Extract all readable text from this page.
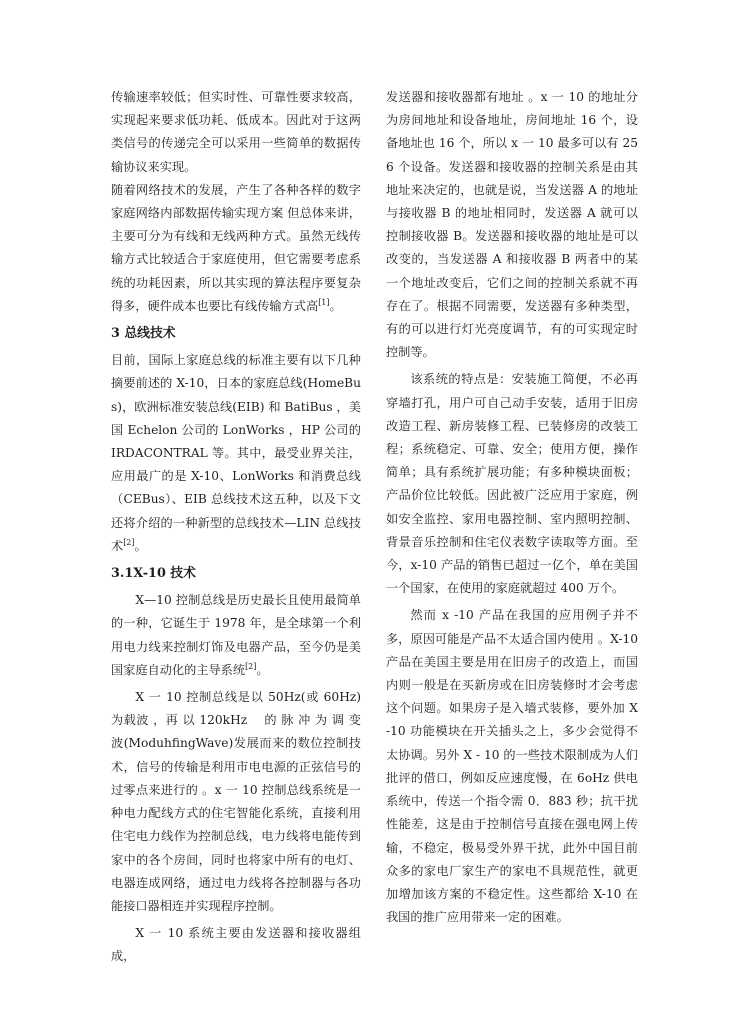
传输速率较低；但实时性、可靠性要求较高，实现起来要求低功耗、低成本。因此对于这两类信号的传递完全可以采用一些简单的数据传输协议来实现。

随着网络技术的发展，产生了各种各样的数字家庭网络内部数据传输实现方案 但总体来讲，主要可分为有线和无线两种方式。虽然无线传输方式比较适合于家庭使用，但它需要考虑系统的功耗因素，所以其实现的算法程序要复杂得多，硬件成本也要比有线传输方式高[1]。

3 总线技术

目前，国际上家庭总线的标准主要有以下几种摘要前述的 X-10，日本的家庭总线(HomeBus)，欧洲标准安装总线(EIB) 和 BatiBus ，美国 Echelon 公司的 LonWorks ，HP 公司的 IRDACONTRAL 等。其中，最受业界关注，应用最广的是 X-10、LonWorks 和消费总线（CEBus）、EIB 总线技术这五种，以及下文还将介绍的一种新型的总线技术—LIN 总线技术[2]。

3.1X-10 技术

X—10 控制总线是历史最长且使用最简单的一种，它诞生于 1978 年，是全球第一个利用电力线来控制灯饰及电器产品，至今仍是美国家庭自动化的主导系统[2]。

X 一 10 控制总线是以 50Hz(或 60Hz)为载波 ，再 以 120kHz　 的 脉 冲 为 调 变 波(ModuhfingWave)发展而来的数位控制技术，信号的传输是利用市电电源的正弦信号的过零点来进行的 。x 一 10 控制总线系统是一种电力配线方式的住宅智能化系统，直接利用住宅电力线作为控制总线，电力线将电能传到家中的各个房间，同时也将家中所有的电灯、电器连成网络，通过电力线将各控制器与各功能接口器相连并实现程序控制。

X 一 10 系统主要由发送器和接收器组成，

发送器和接收器都有地址 。x 一 10 的地址分为房间地址和设备地址，房间地址 16 个，设备地址也 16 个，所以 x 一 10 最多可以有 256 个设备。发送器和接收器的控制关系是由其地址来决定的，也就是说，当发送器 A 的地址与接收器 B 的地址相同时，发送器 A 就可以控制接收器 B。发送器和接收器的地址是可以改变的，当发送器 A 和接收器 B 两者中的某一个地址改变后，它们之间的控制关系就不再存在了。根据不同需要，发送器有多种类型，有的可以进行灯光亮度调节，有的可实现定时控制等。

该系统的特点是：安装施工简便，不必再穿墙打孔，用户可自己动手安装，适用于旧房改造工程、新房装修工程、已装修房的改装工程；系统稳定、可靠、安全；使用方便，操作简单；具有系统扩展功能；有多种模块面板；产品价位比较低。因此被广泛应用于家庭，例如安全监控、家用电器控制、室内照明控制、背景音乐控制和住宅仪表数字读取等方面。至今，x-10 产品的销售已超过一亿个，单在美国一个国家，在使用的家庭就超过 400 万个。

然而 x -10 产品在我国的应用例子并不多，原因可能是产品不太适合国内使用 。X-10 产品在美国主要是用在旧房子的改造上，而国内则一般是在买新房或在旧房装修时才会考虑这个问题。如果房子是入墙式装修，要外加 X -10 功能模块在开关插头之上，多少会觉得不太协调。另外 X - 10 的一些技术限制成为人们批评的借口，例如反应速度慢，在 6oHz 供电系统中，传送一个指令需 0．883 秒；抗干扰性能差，这是由于控制信号直接在强电网上传输，不稳定，极易受外界干扰，此外中国目前众多的家电厂家生产的家电不具规范性，就更加增加该方案的不稳定性。这些都给 X-10 在我国的推广应用带来一定的困难。
